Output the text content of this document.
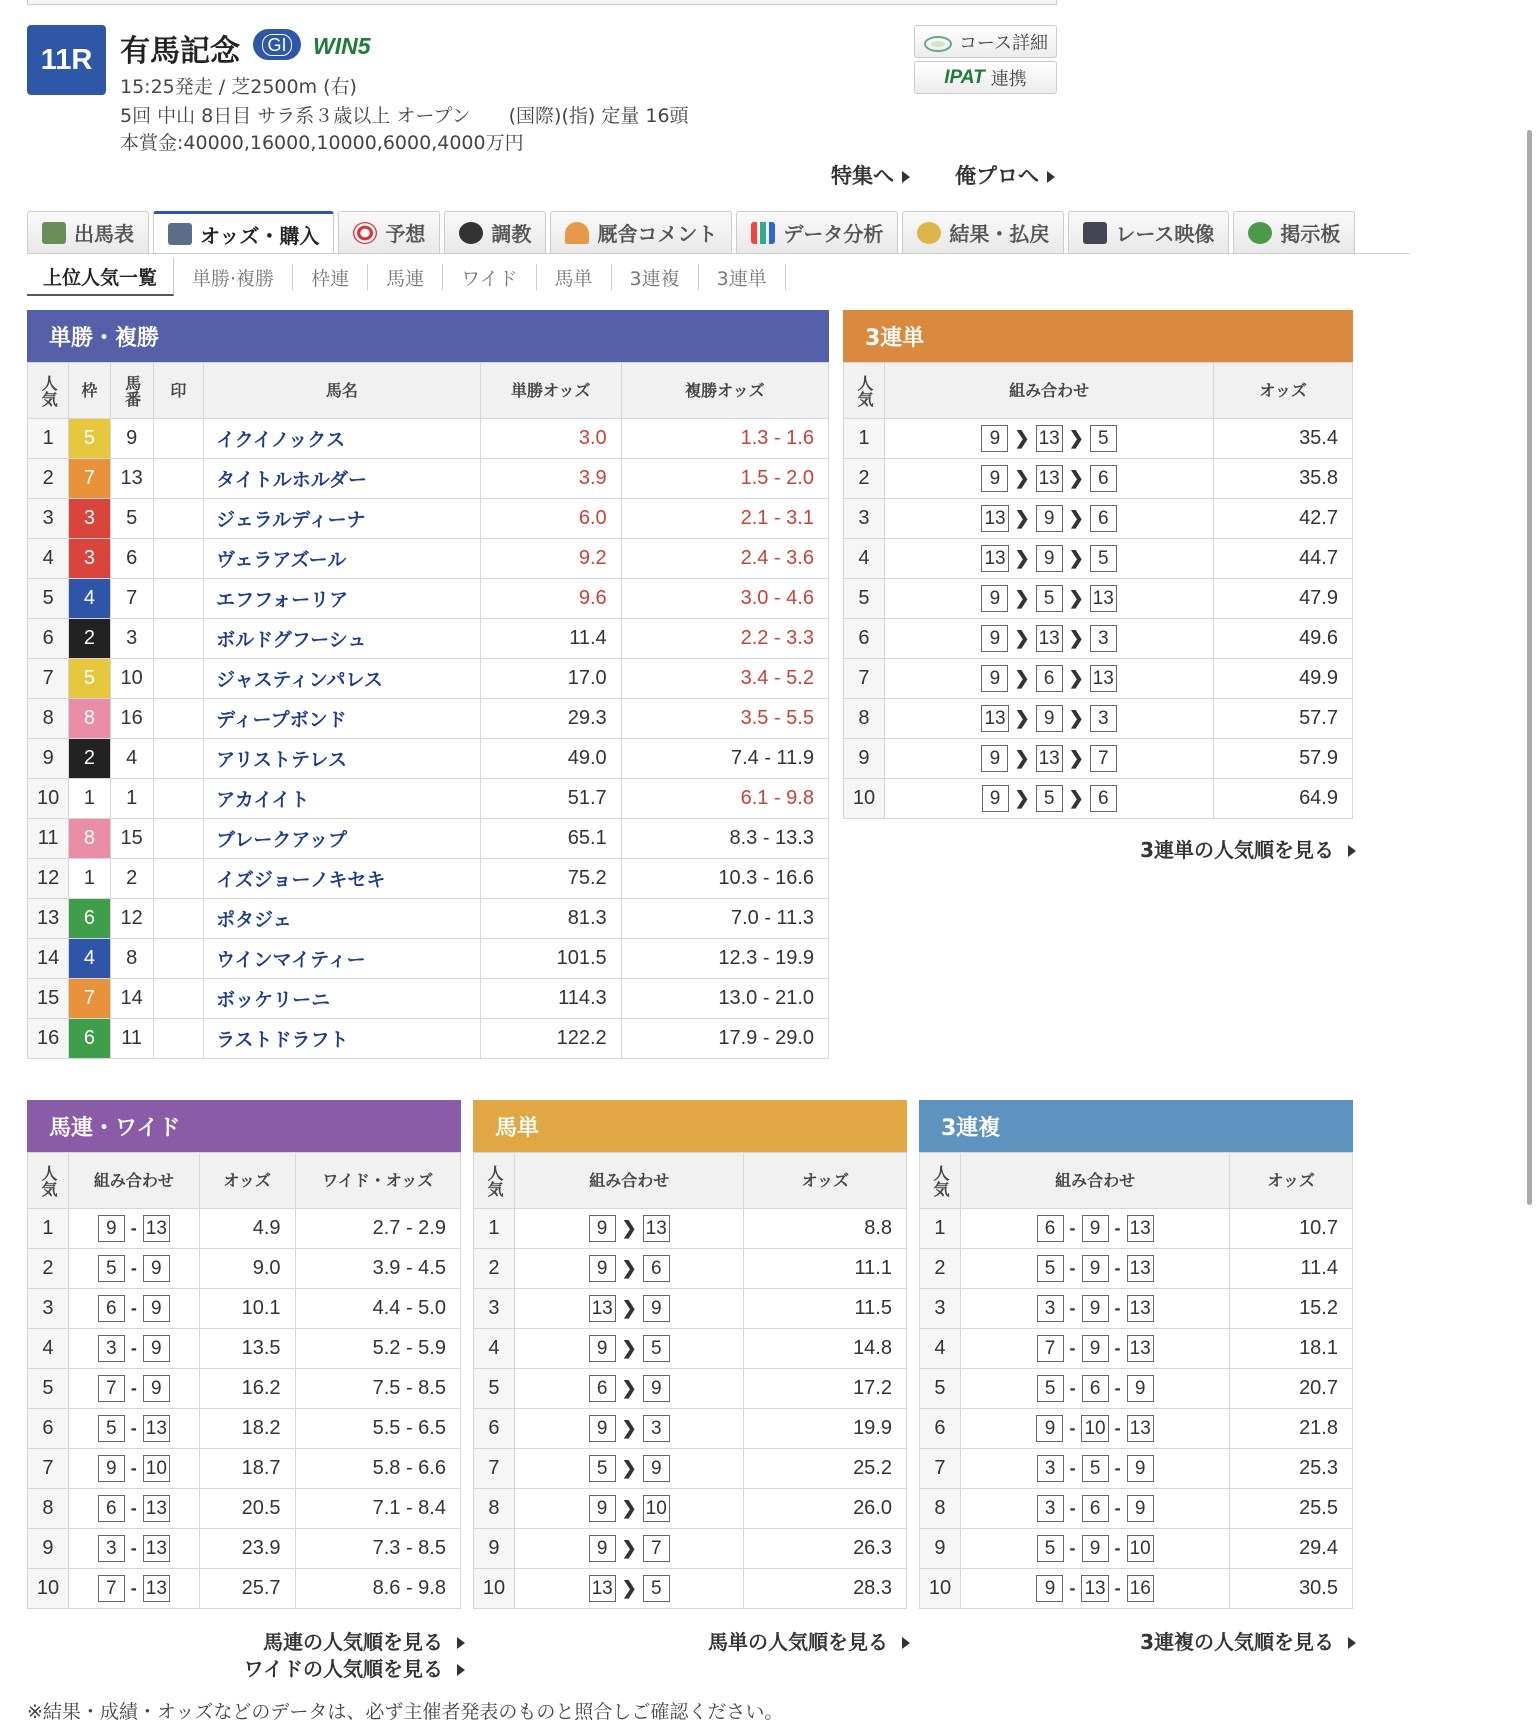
11R 有馬記念 GI WIN5
15:25発走 / 芝2500m (右)
5回 中山 8日目 サラ系３歳以上 オープン　　(国際)(指) 定量 16頭
本賞金:40000,16000,10000,6000,4000万円
コース詳細
IPAT 連携
特集へ	俺プロへ
出馬表	オッズ・購入	予想	調教	厩舎コメント	データ分析	結果・払戻	レース映像	掲示板
上位人気一覧	単勝·複勝	枠連	馬連	ワイド	馬単	3連複	3連単
単勝・複勝
人気	枠	馬番	印	馬名	単勝オッズ	複勝オッズ
1	5	9		イクイノックス	3.0	1.3 - 1.6
2	7	13		タイトルホルダー	3.9	1.5 - 2.0
3	3	5		ジェラルディーナ	6.0	2.1 - 3.1
4	3	6		ヴェラアズール	9.2	2.4 - 3.6
5	4	7		エフフォーリア	9.6	3.0 - 4.6
6	2	3		ボルドグフーシュ	11.4	2.2 - 3.3
7	5	10		ジャスティンパレス	17.0	3.4 - 5.2
8	8	16		ディープボンド	29.3	3.5 - 5.5
9	2	4		アリストテレス	49.0	7.4 - 11.9
10	1	1		アカイイト	51.7	6.1 - 9.8
11	8	15		ブレークアップ	65.1	8.3 - 13.3
12	1	2		イズジョーノキセキ	75.2	10.3 - 16.6
13	6	12		ポタジェ	81.3	7.0 - 11.3
14	4	8		ウインマイティー	101.5	12.3 - 19.9
15	7	14		ボッケリーニ	114.3	13.0 - 21.0
16	6	11		ラストドラフト	122.2	17.9 - 29.0
3連単
人気	組み合わせ	オッズ
1	9 ❯ 13 ❯ 5	35.4
2	9 ❯ 13 ❯ 6	35.8
3	13 ❯ 9 ❯ 6	42.7
4	13 ❯ 9 ❯ 5	44.7
5	9 ❯ 5 ❯ 13	47.9
6	9 ❯ 13 ❯ 3	49.6
7	9 ❯ 6 ❯ 13	49.9
8	13 ❯ 9 ❯ 3	57.7
9	9 ❯ 13 ❯ 7	57.9
10	9 ❯ 5 ❯ 6	64.9
3連単の人気順を見る
馬連・ワイド
人気	組み合わせ	オッズ	ワイド・オッズ
1	9 - 13	4.9	2.7 - 2.9
2	5 - 9	9.0	3.9 - 4.5
3	6 - 9	10.1	4.4 - 5.0
4	3 - 9	13.5	5.2 - 5.9
5	7 - 9	16.2	7.5 - 8.5
6	5 - 13	18.2	5.5 - 6.5
7	9 - 10	18.7	5.8 - 6.6
8	6 - 13	20.5	7.1 - 8.4
9	3 - 13	23.9	7.3 - 8.5
10	7 - 13	25.7	8.6 - 9.8
馬連の人気順を見る
ワイドの人気順を見る
馬単
人気	組み合わせ	オッズ
1	9 ❯ 13	8.8
2	9 ❯ 6	11.1
3	13 ❯ 9	11.5
4	9 ❯ 5	14.8
5	6 ❯ 9	17.2
6	9 ❯ 3	19.9
7	5 ❯ 9	25.2
8	9 ❯ 10	26.0
9	9 ❯ 7	26.3
10	13 ❯ 5	28.3
馬単の人気順を見る
3連複
人気	組み合わせ	オッズ
1	6 - 9 - 13	10.7
2	5 - 9 - 13	11.4
3	3 - 9 - 13	15.2
4	7 - 9 - 13	18.1
5	5 - 6 - 9	20.7
6	9 - 10 - 13	21.8
7	3 - 5 - 9	25.3
8	3 - 6 - 9	25.5
9	5 - 9 - 10	29.4
10	9 - 13 - 16	30.5
3連複の人気順を見る
※結果・成績・オッズなどのデータは、必ず主催者発表のものと照合しご確認ください。
